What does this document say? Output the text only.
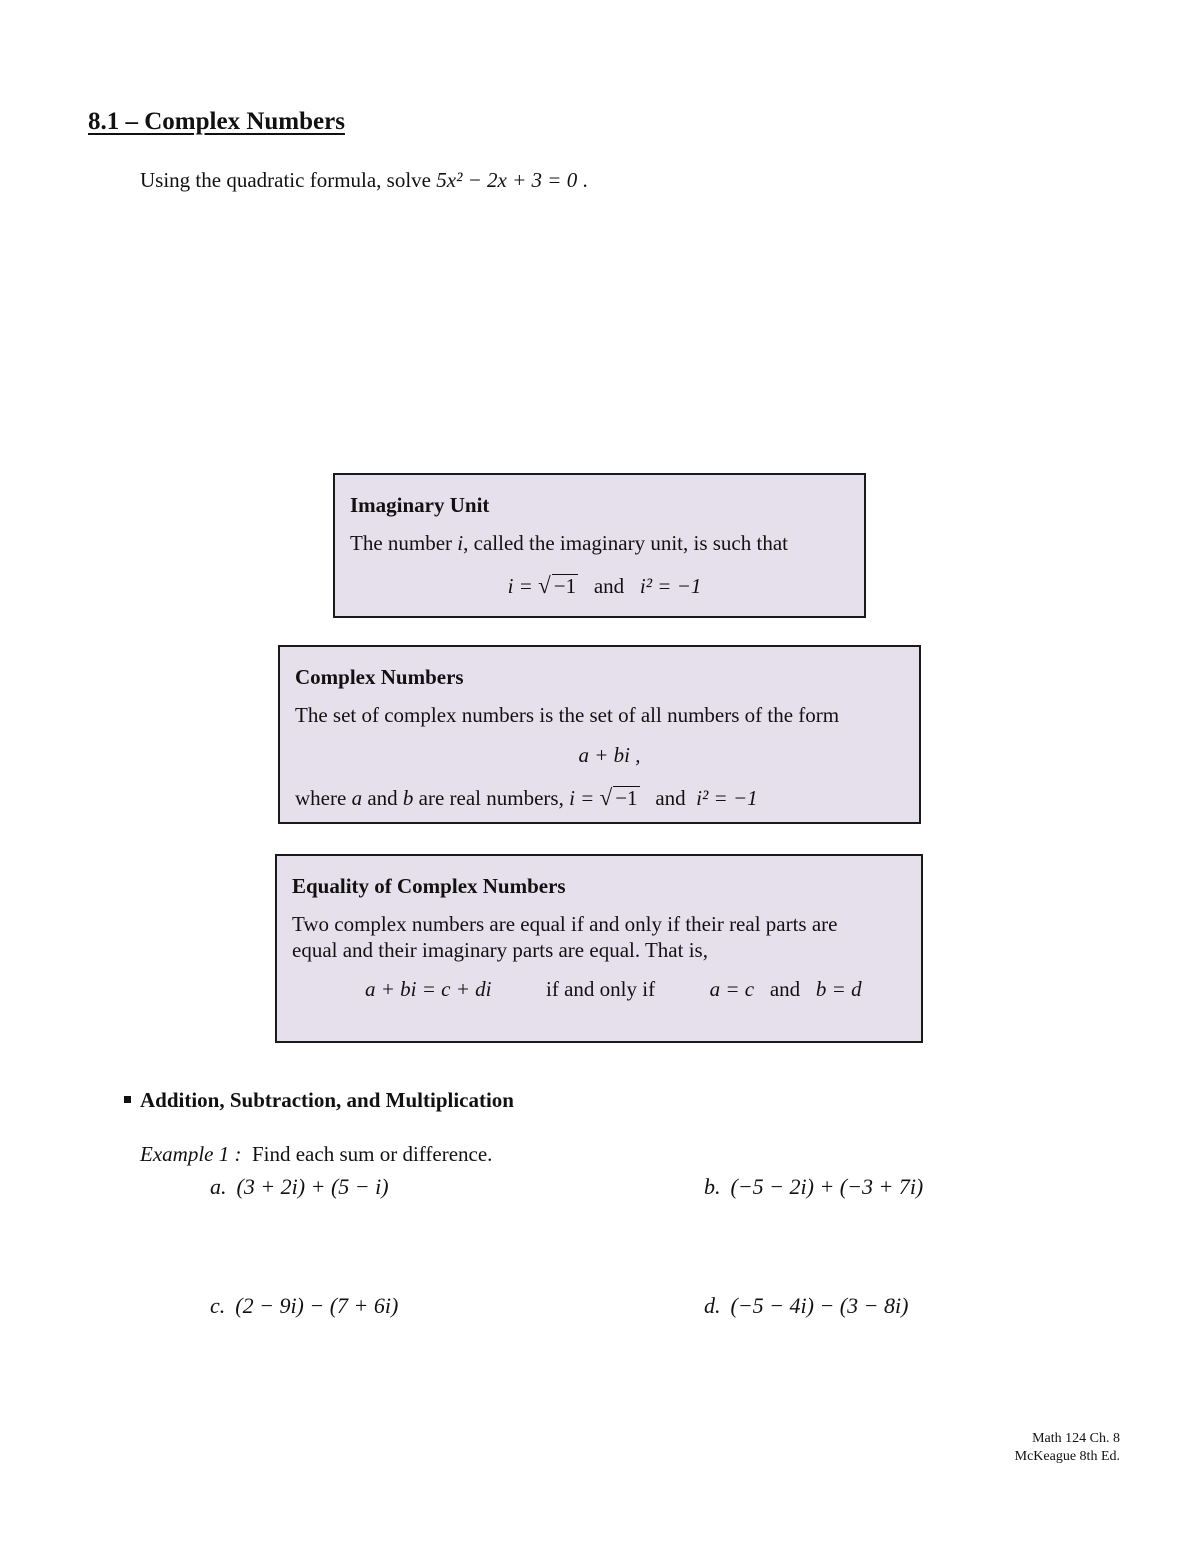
8.1 – Complex Numbers
Using the quadratic formula, solve 5x² − 2x + 3 = 0 .
Imaginary Unit
The number i, called the imaginary unit, is such that
i = √ −1 and i² = −1
Complex Numbers
The set of complex numbers is the set of all numbers of the form
a + bi ,
where a and b are real numbers, i = √ −1 and i² = −1
Equality of Complex Numbers
Two complex numbers are equal if and only if their real parts are
equal and their imaginary parts are equal. That is,
a + bi = c + di	if and only if	a = c and b = d
Addition, Subtraction, and Multiplication
Example 1 : Find each sum or difference.
a. (3 + 2i) + (5 − i)	b. (−5 − 2i) + (−3 + 7i)
c. (2 − 9i) − (7 + 6i)	d. (−5 − 4i) − (3 − 8i)
Math 124 Ch. 8
McKeague 8th Ed.
